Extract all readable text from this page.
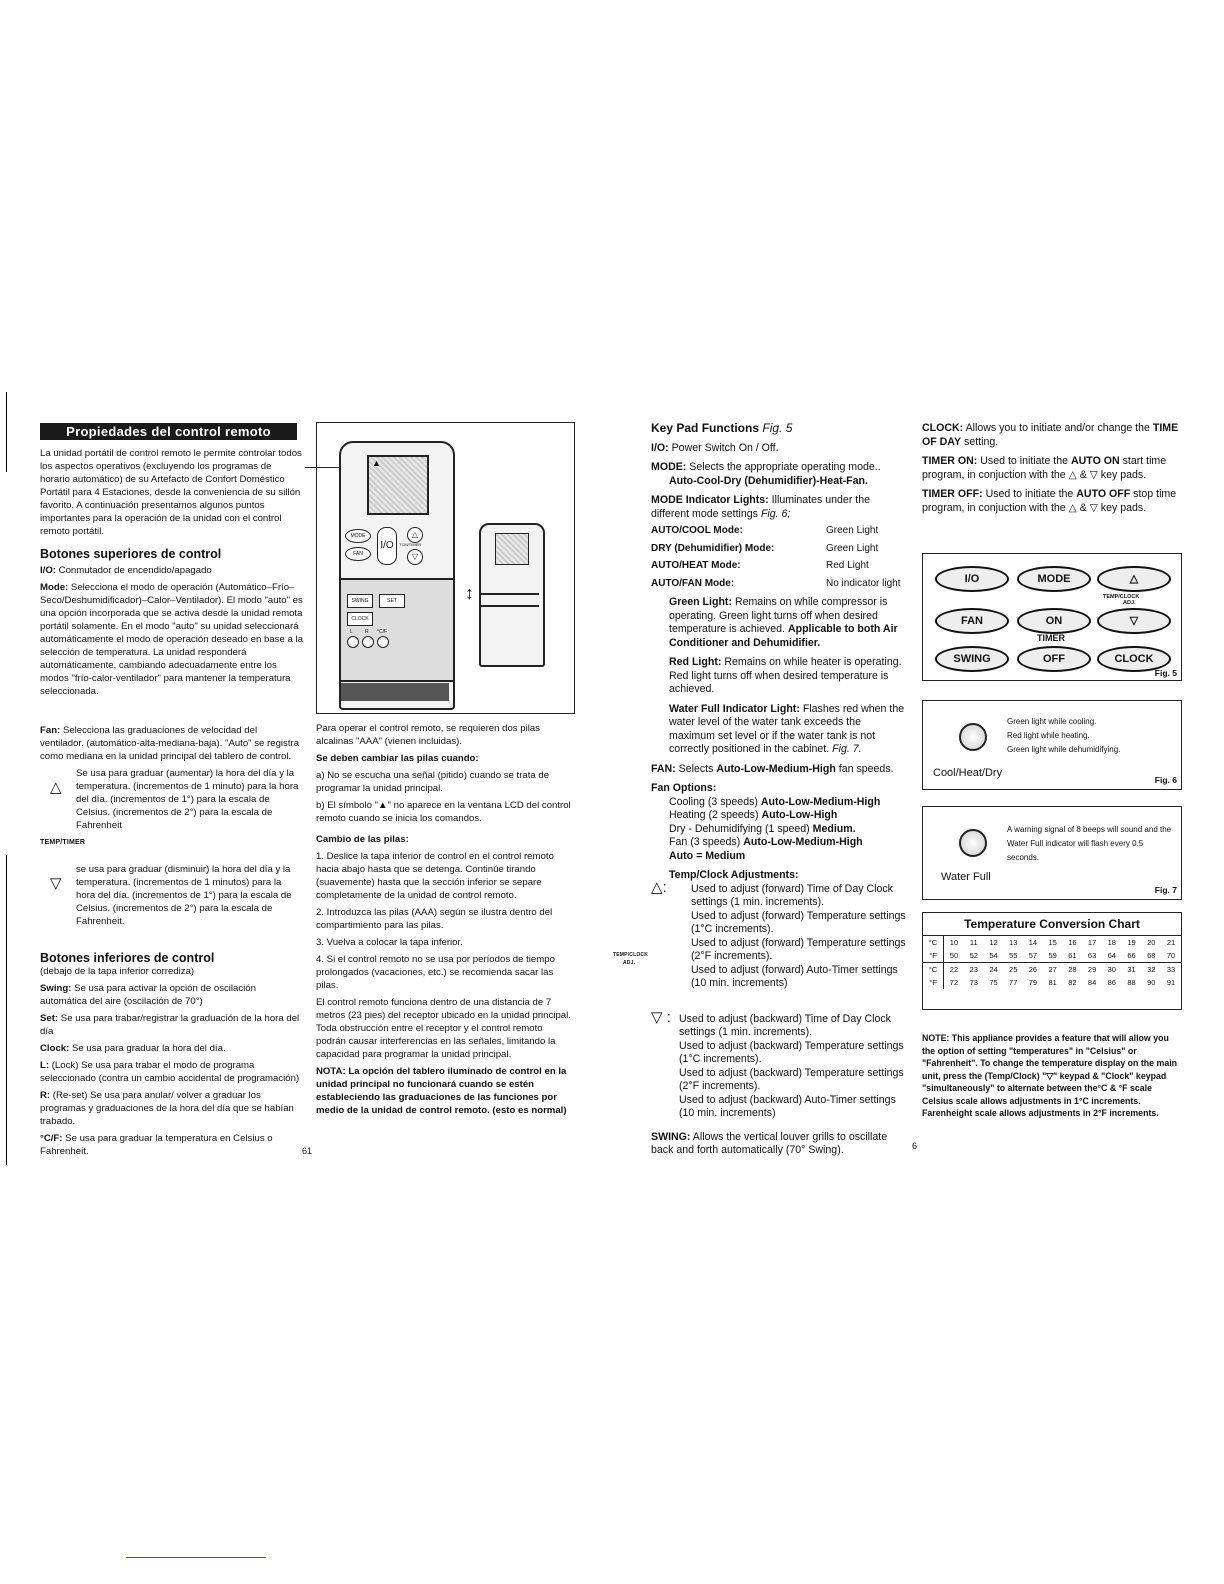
Propiedades del control remoto

La unidad portátil de control remoto le permite controlar todos los aspectos operativos (excluyendo los programas de horario automático) de su Artefacto de Confort Doméstico Portátil para 4 Estaciones, desde la conveniencia de su sillón favorito. A continuación presentamos algunos puntos importantes para la operación de la unidad con el control remoto portátil.

Botones superiores de control

I/O: Conmutador de encendido/apagado

Mode: Selecciona el modo de operación (Automático–Frío–Seco/Deshumidificador)–Calor–Ventilador). El modo "auto" es una opción incorporada que se activa desde la unidad remota portátil solamente. En el modo "auto" su unidad seleccionará automáticamente el modo de operación deseado en base a la selección de temperatura. La unidad responderá automáticamente, cambiando adecuadamente entre los modos "frío-calor-ventilador" para mantener la temperatura seleccionada.

Fan: Selecciona las graduaciones de velocidad del ventilador. (automático-alta-mediana-baja). "Auto" se registra como mediana en la unidad principal del tablero de control.

△

Se usa para graduar (aumentar) la hora del día y la temperatura. (incrementos de 1 minuto) para la hora del día. (incrementos de 1°) para la escala de Celsius. (incrementos de 2°) para la escala de Fahrenheit

TEMP/TIMER
▽

se usa para graduar (disminuir) la hora del día y la temperatura. (incrementos de 1 minutos) para la hora del día. (incrementos de 1°) para la escala de Celsius. (incrementos de 2°) para la escala de Fahrenheit.

Botones inferiores de control

(debajo de la tapa inferior corrediza)

Swing: Se usa para activar la opción de oscilación automática del aire (oscilación de 70°)

Set: Se usa para trabar/registrar la graduación de la hora del día

Clock: Se usa para graduar la hora del día.

L: (Lock) Se usa para trabar el modo de programa seleccionado (contra un cambio accidental de programación)

R: (Re-set) Se usa para anular/ volver a graduar los programas y graduaciones de la hora del día que se habían trabado.

°C/F: Se usa para graduar la temperatura en Celsius o Fahrenheit.

▲
MODE
FAN
I/O
△
TCM/TIMER
▽
SWING	SET
CLOCK
L R °C/F
↕

Para operar el control remoto, se requieren dos pilas alcalinas "AAA" (vienen incluidas).

Se deben cambiar las pilas cuando:

a) No se escucha una señal (pitido) cuando se trata de programar la unidad principal.

b) El símbolo "▲" no aparece en la ventana LCD del control remoto cuando se inicia los comandos.

Cambio de las pilas:

1. Deslice la tapa inferior de control en el control remoto hacia abajo hasta que se detenga. Continúe tirando (suavemente) hasta que la sección inferior se separe completamente de la unidad de control remoto.

2. Introduzca las pilas (AAA) según se ilustra dentro del compartimiento para las pilas.

3. Vuelva a colocar la tapa inferior.

4. Si el control remoto no se usa por períodos de tiempo prolongados (vacaciones, etc.) se recomienda sacar las pilas.

El control remoto funciona dentro de una distancia de 7 metros (23 pies) del receptor ubicado en la unidad principal. Toda obstrucción entre el receptor y el control remoto podrán causar interferencias en las señales, limitando la capacidad para programar la unidad principal.

NOTA: La opción del tablero iluminado de control en la unidad principal no funcionará cuando se estén estableciendo las graduaciones de las funciones por medio de la unidad de control remoto. (esto es normal)

61

Key Pad Functions Fig. 5

I/O: Power Switch On / Off.

MODE: Selects the appropriate operating mode..

Auto-Cool-Dry (Dehumidifier)-Heat-Fan.

MODE Indicator Lights: Illuminates under the different mode settings Fig. 6;

AUTO/COOL Mode:	Green Light
DRY (Dehumidifier) Mode:	Green Light
AUTO/HEAT Mode:	Red Light
AUTO/FAN Mode:	No indicator light

Green Light: Remains on while compressor is operating. Green light turns off when desired temperature is achieved. Applicable to both Air Conditioner and Dehumidifier.

Red Light: Remains on while heater is operating. Red light turns off when desired temperature is achieved.

Water Full Indicator Light: Flashes red when the water level of the water tank exceeds the maximum set level or if the water tank is not correctly positioned in the cabinet. Fig. 7.

FAN: Selects Auto-Low-Medium-High fan speeds.

Fan Options:

Cooling (3 speeds) Auto-Low-Medium-High
Heating (2 speeds) Auto-Low-High
Dry - Dehumidifying (1 speed) Medium.
Fan (3 speeds) Auto-Low-Medium-High
Auto = Medium

Temp/Clock Adjustments:

△: Used to adjust (forward) Time of Day Clock settings (1 min. increments).
Used to adjust (forward) Temperature settings (1°C increments).
Used to adjust (forward) Temperature settings (2°F increments).
Used to adjust (forward) Auto-Timer settings (10 min. increments)
TEMP/CLOCK
ADJ.
▽ : Used to adjust (backward) Time of Day Clock settings (1 min. increments).
Used to adjust (backward) Temperature settings (1°C increments).
Used to adjust (backward) Temperature settings (2°F increments).
Used to adjust (backward) Auto-Timer settings (10 min. increments)

SWING: Allows the vertical louver grills to oscillate back and forth automatically (70° Swing).

CLOCK: Allows you to initiate and/or change the TIME OF DAY setting.

TIMER ON: Used to initiate the AUTO ON start time program, in conjuction with the △ & ▽ key pads.

TIMER OFF: Used to initiate the AUTO OFF stop time program, in conjuction with the △ & ▽ key pads.

I/O	MODE	△
TEMP/CLOCK
ADJ.
FAN	ON	▽
TIMER
SWING	OFF	CLOCK
Fig. 5
Green light while cooling.
Red light while heating.
Green light while dehumidifying.
Cool/Heat/Dry
Fig. 6
A warning signal of 8 beeps will sound and the Water Full indicator will flash every 0.5 seconds.
Water Full
Fig. 7
Temperature Conversion Chart
°C	10	11	12	13	14	15	16	17	18	19	20	21
°F	50	52	54	55	57	59	61	63	64	66	68	70
°C	22	23	24	25	26	27	28	29	30	31	32	33
°F	72	73	75	77	79	81	82	84	86	88	90	91

NOTE: This appliance provides a feature that will allow you the option of setting "temperatures" in "Celsius" or "Fahrenheit". To change the temperature display on the main unit, press the (Temp/Clock) "▽" keypad & "Clock" keypad "simultaneously" to alternate between the°C & °F scale Celsius scale allows adjustments in 1°C increments. Farenheight scale allows adjustments in 2°F increments.

6
